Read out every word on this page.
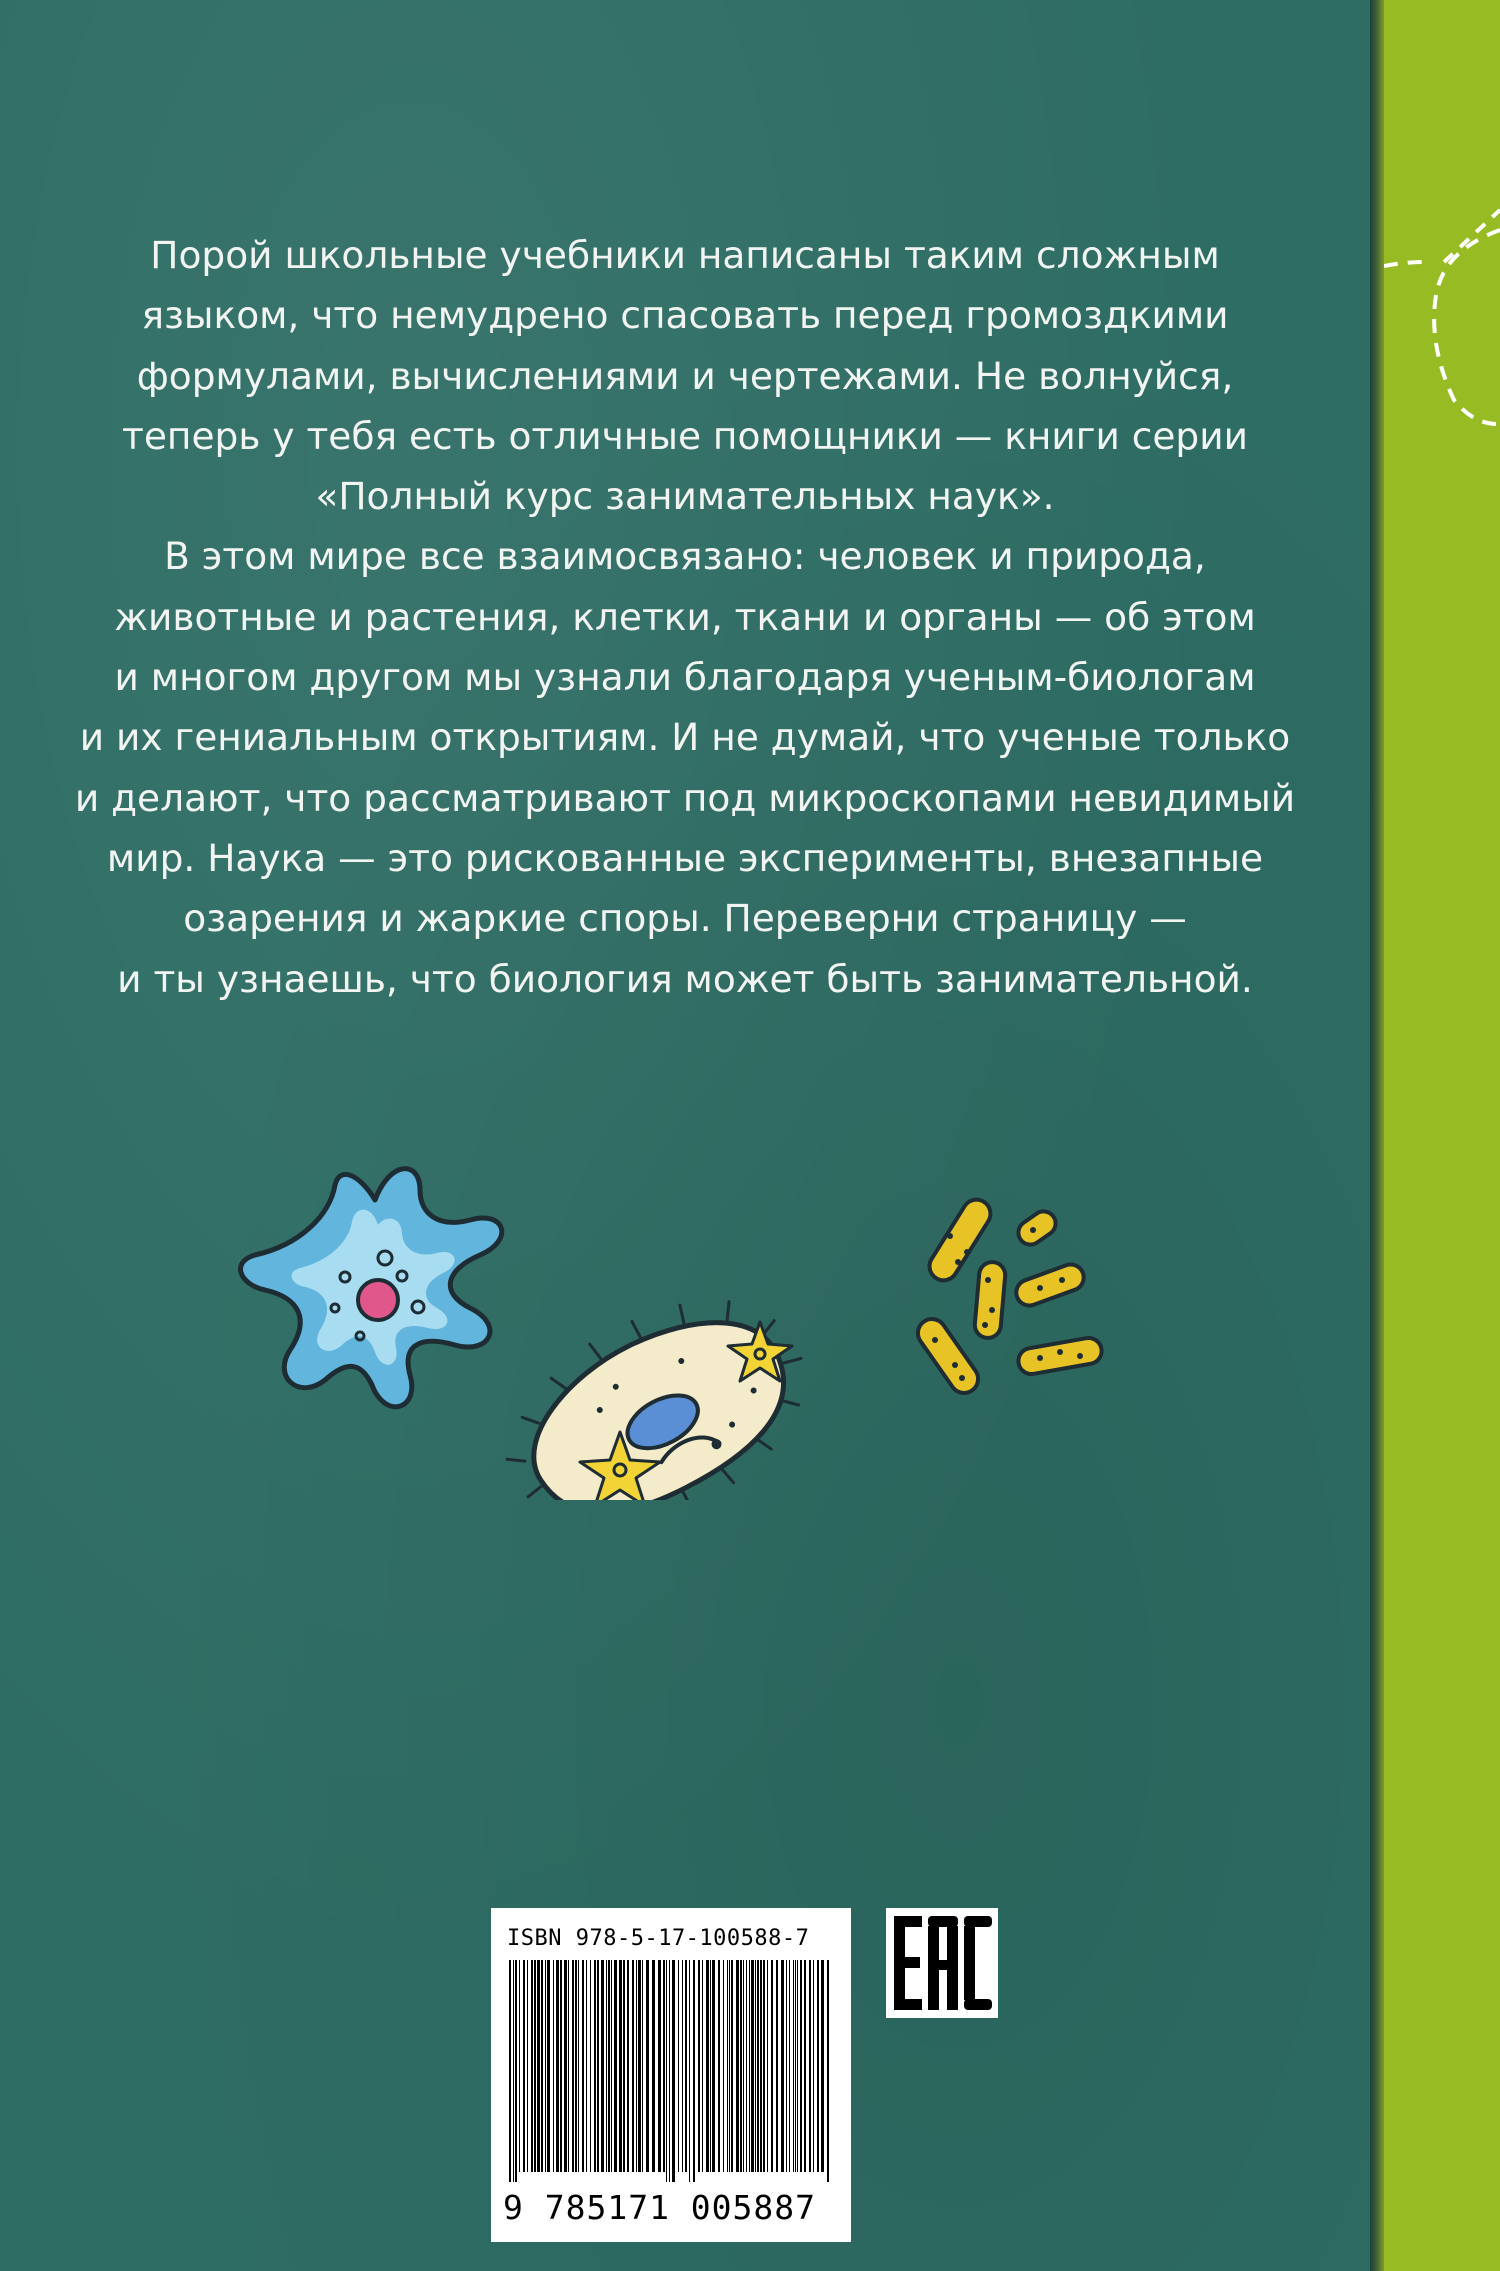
Порой школьные учебники написаны таким сложным
языком, что немудрено спасовать перед громоздкими
формулами, вычислениями и чертежами. Не волнуйся,
теперь у тебя есть отличные помощники — книги серии
«Полный курс занимательных наук».
В этом мире все взаимосвязано: человек и природа,
животные и растения, клетки, ткани и органы — об этом
и многом другом мы узнали благодаря ученым-биологам
и их гениальным открытиям. И не думай, что ученые только
и делают, что рассматривают под микроскопами невидимый
мир. Наука — это рискованные эксперименты, внезапные
озарения и жаркие споры. Переверни страницу —
и ты узнаешь, что биология может быть занимательной.
ISBN 978-5-17-100588-7
9 785171 005887
